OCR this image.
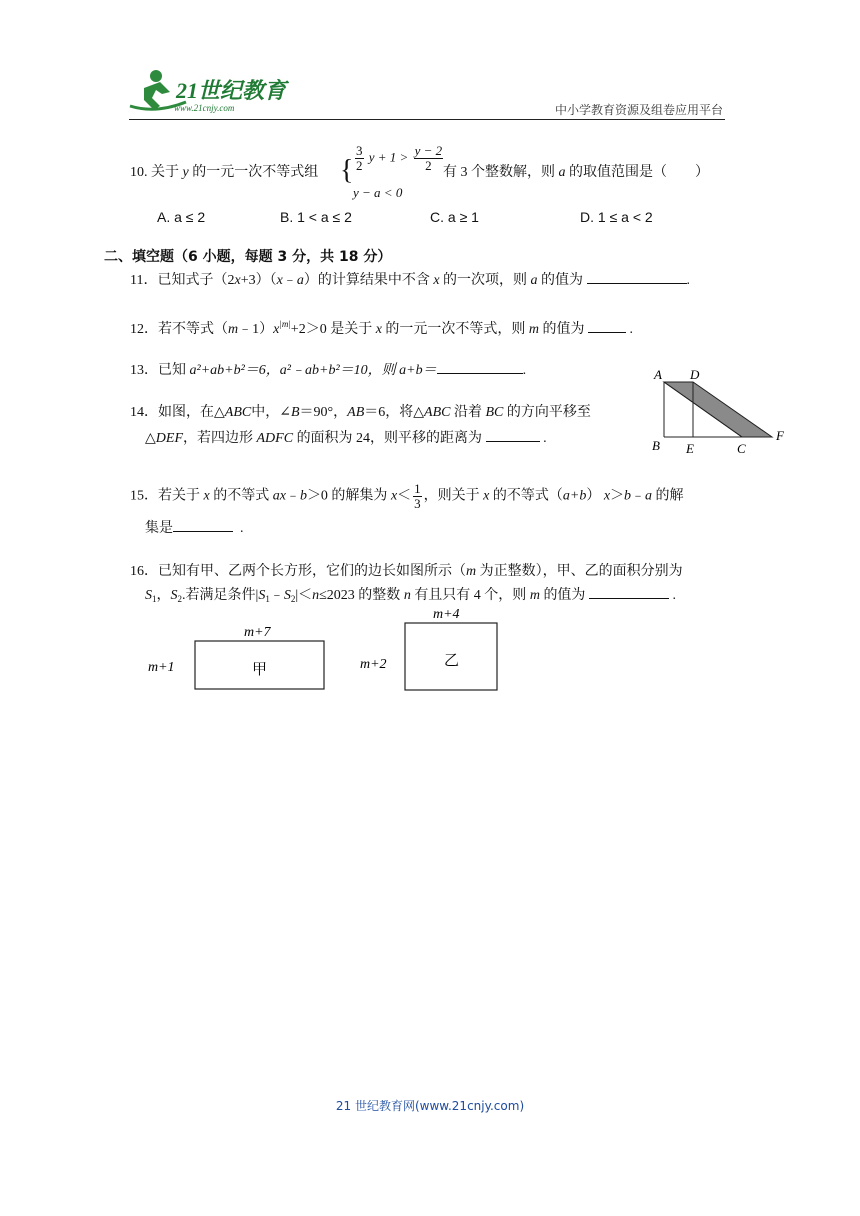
21世纪教育
www.21cnjy.com	中小学教育资源及组卷应用平台
10. 关于 y 的一元一次不等式组 { $\frac{3}{2}$ $y + 1 > \frac{y - 2}{2}$
y − a < 0
有 3 个整数解，则 a 的取值范围是（　　）
A. a ≤ 2	B. 1 < a ≤ 2	C. a ≥ 1	D. 1 ≤ a < 2
二、填空题（6 小题，每题 3 分，共 18 分）
11．已知式子（2x+3）（x﹣a）的计算结果中不含 x 的一次项，则 a 的值为	.
12．若不等式$(m﹣1)x^{|m|}+2>0$ 是关于 x 的一元一次不等式，则 m 的值为	.
13．已知 a²+ab+b²＝6，a²﹣ab+b²＝10，则 a+b＝	.
14．如图，在△ABC中，∠B＝90°，AB＝6，将△ABC 沿着 BC 的方向平移至
△DEF，若四边形 ADFC 的面积为 24，则平移的距离为	.
A D
B E	C
F
15．若关于 x 的不等式 ax﹣b＞0 的解集为 $x< \frac{1}{3}$ ，则关于 x 的不等式（a+b） x＞b﹣a 的解
集是	.
16．已知有甲、乙两个长方形，它们的边长如图所示（m 为正整数），甲、乙的面积分别为
$S_1$，$S_2$.若满足条件$|S_1﹣S_2|<n\le 2023$ 的整数 n 有且只有 4 个，则 m 的值为	.
m+7
m+1	甲
m+4
m+2	乙
21 世纪教育网(www.21cnjy.com)
